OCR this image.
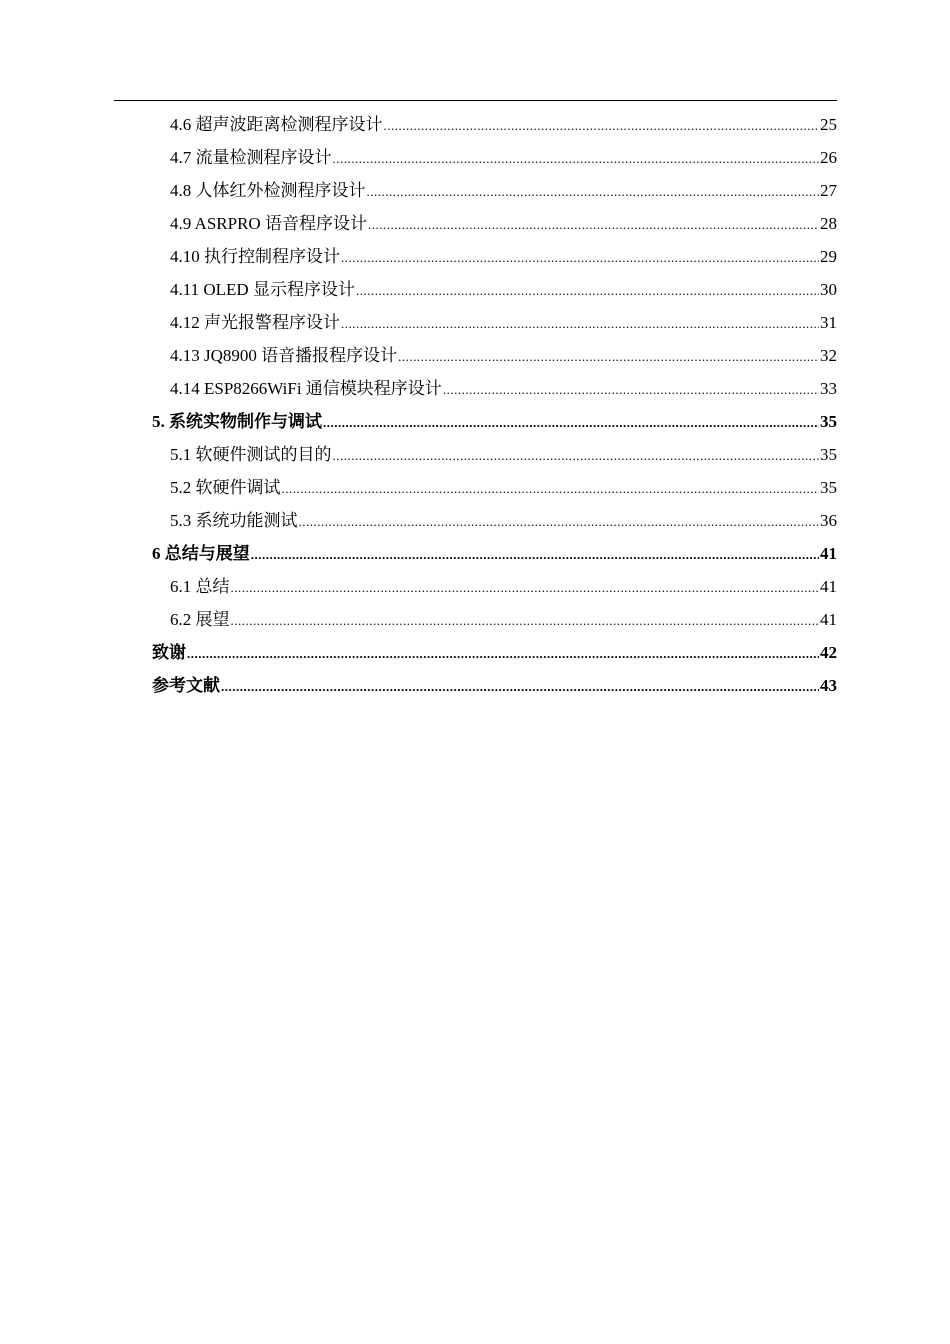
4.6 超声波距离检测程序设计 .....	25
4.7 流量检测程序设计 .....	26
4.8 人体红外检测程序设计 .....	27
4.9 ASRPRO 语音程序设计 .....	28
4.10 执行控制程序设计 .....	29
4.11 OLED 显示程序设计 .....	30
4.12 声光报警程序设计 .....	31
4.13 JQ8900 语音播报程序设计 .....	32
4.14 ESP8266WiFi 通信模块程序设计 .....	33
5. 系统实物制作与调试 .....	35
5.1 软硬件测试的目的 .....	35
5.2 软硬件调试 .....	35
5.3 系统功能测试 .....	36
6 总结与展望 .....	41
6.1 总结 .....	41
6.2 展望 .....	41
致谢 .....	42
参考文献 .....	43
